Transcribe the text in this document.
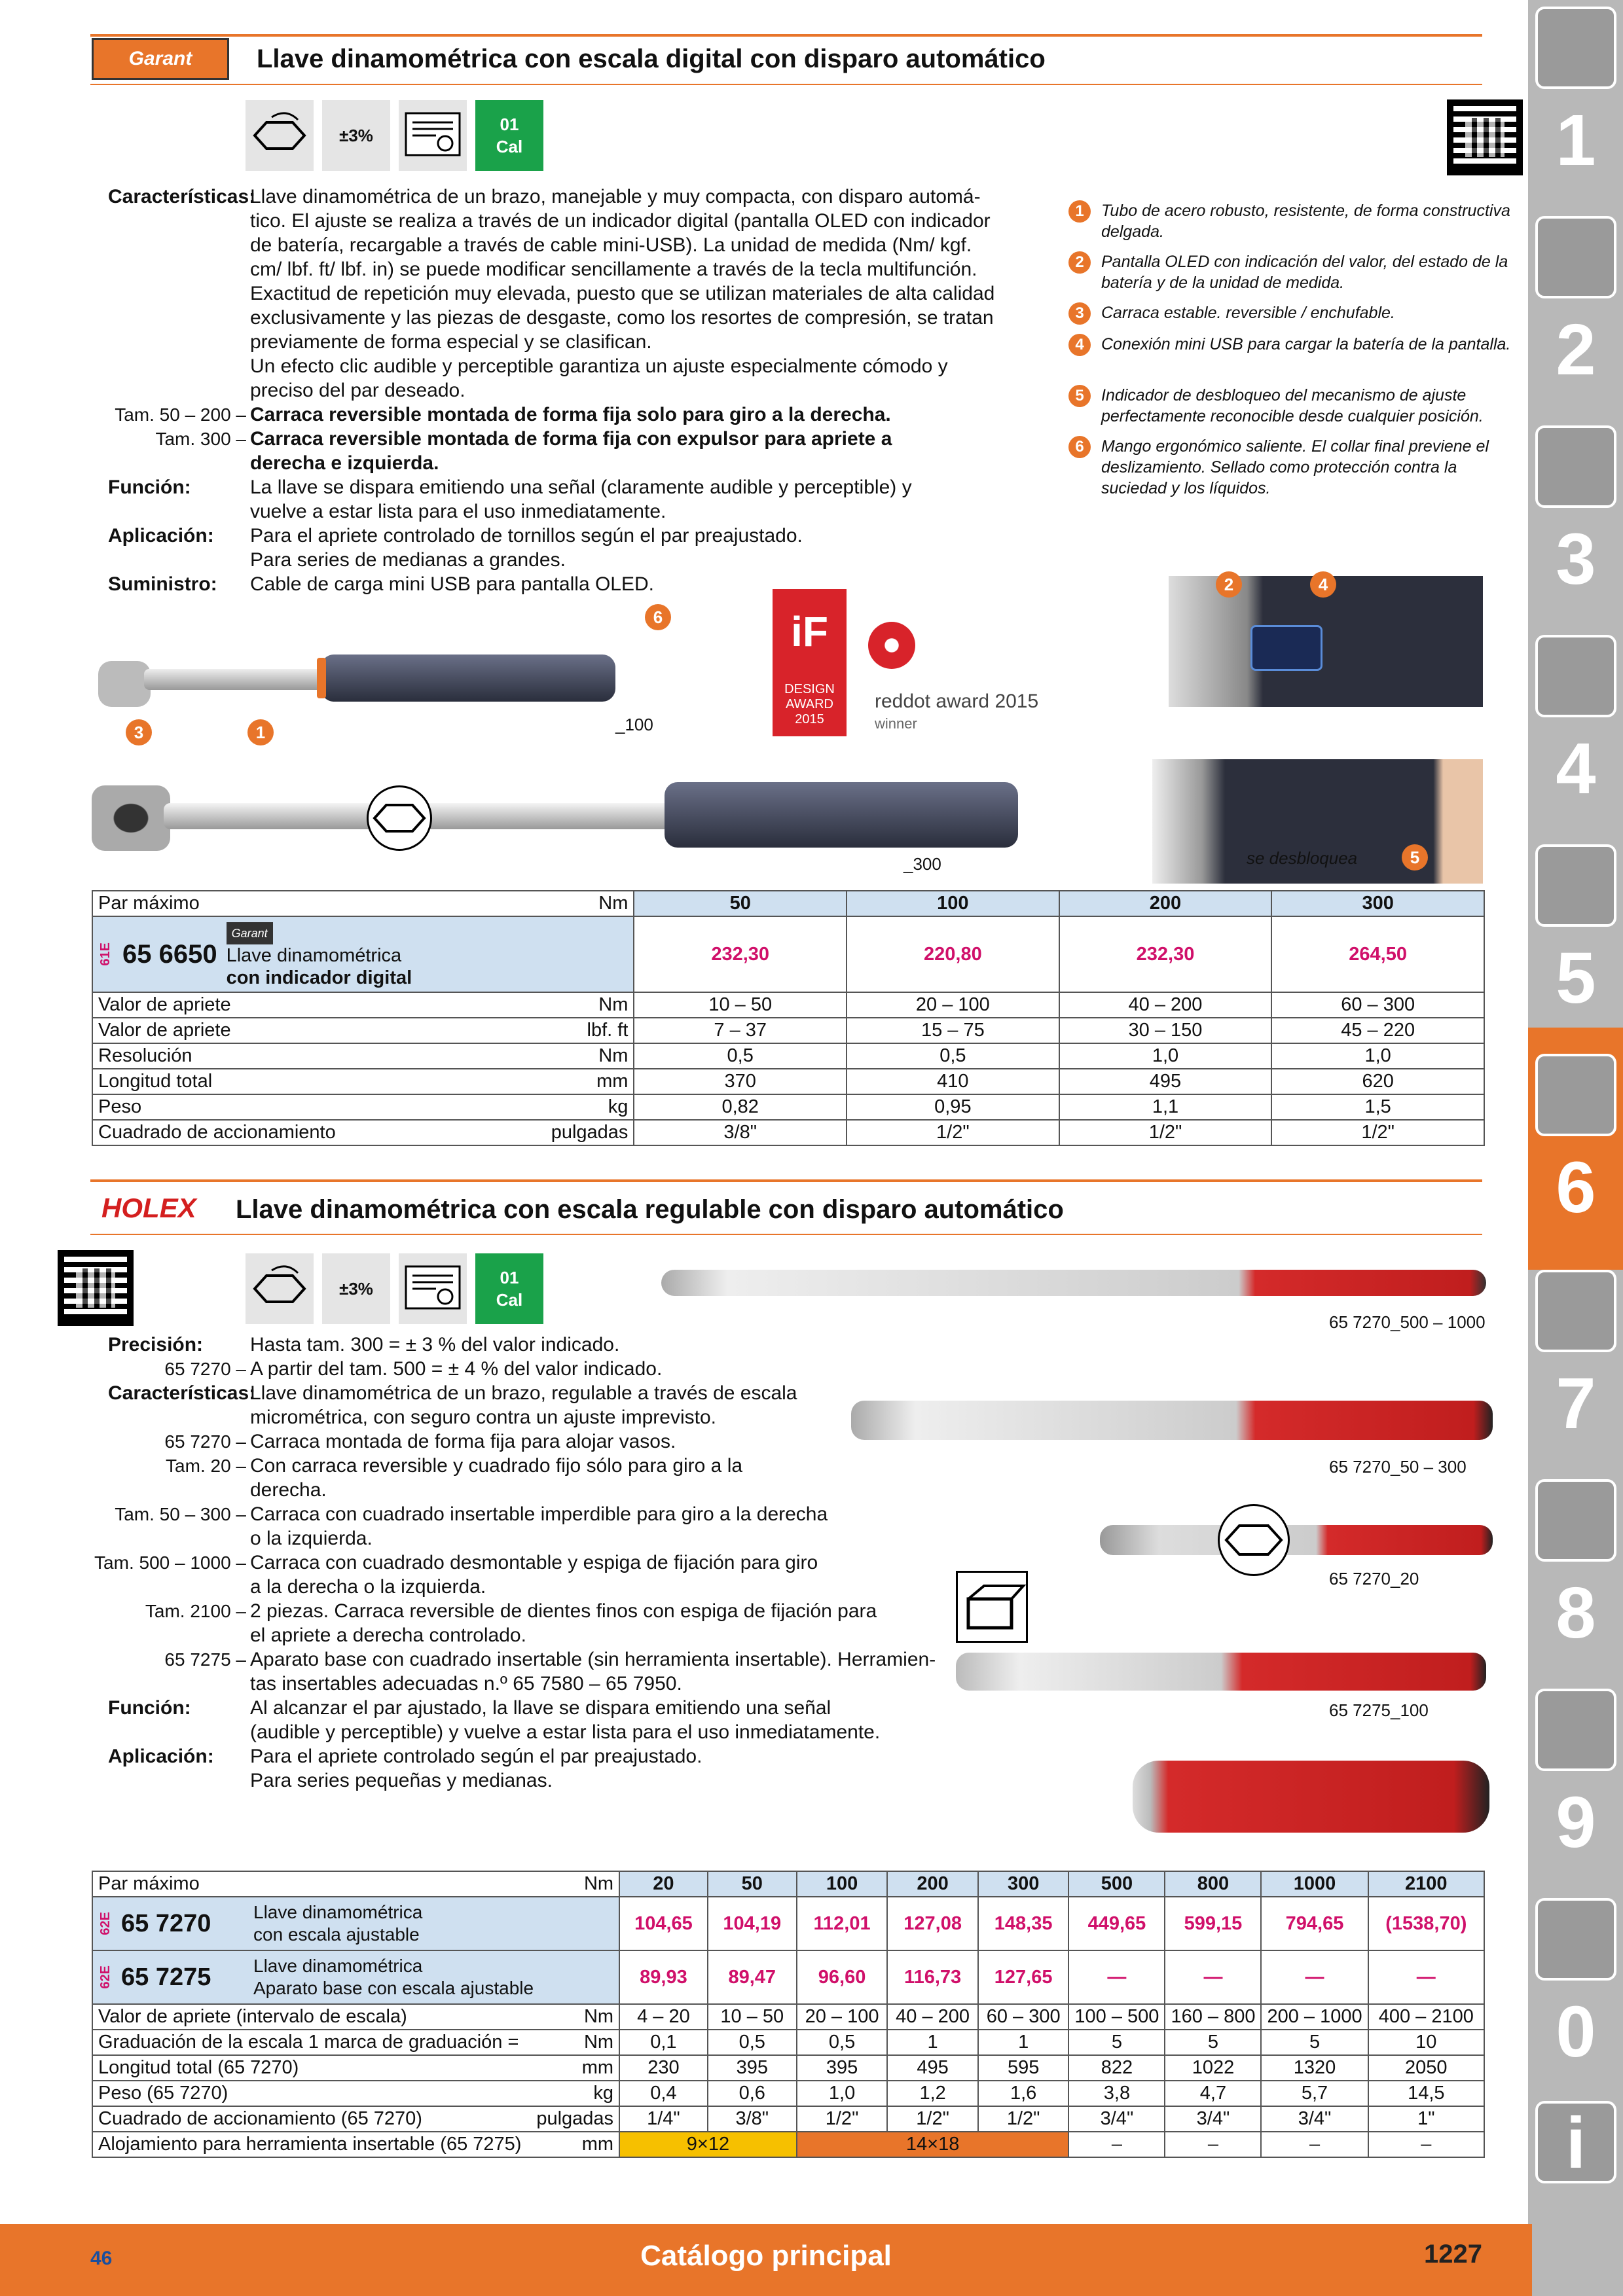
Garant Llave dinamométrica con escala digital con disparo automático
±3%
01
Cal
Características:
Llave dinamométrica de un brazo, manejable y muy compacta, con disparo automá-
tico. El ajuste se realiza a través de un indicador digital (pantalla OLED con indicador
de batería, recargable a través de cable mini-USB). La unidad de medida (Nm/ kgf.
cm/ lbf. ft/ lbf. in) se puede modificar sencillamente a través de la tecla multifunción.
Exactitud de repetición muy elevada, puesto que se utilizan materiales de alta calidad
exclusivamente y las piezas de desgaste, como los resortes de compresión, se tratan
previamente de forma especial y se clasifican.
Un efecto clic audible y perceptible garantiza un ajuste especialmente cómodo y
preciso del par deseado.
Tam. 50 – 200 – Carraca reversible montada de forma fija solo para giro a la derecha.
Tam. 300 – Carraca reversible montada de forma fija con expulsor para apriete a
derecha e izquierda.
Función:	La llave se dispara emitiendo una señal (claramente audible y perceptible) y
vuelve a estar lista para el uso inmediatamente.
Aplicación: Para el apriete controlado de tornillos según el par preajustado.
Para series de medianas a grandes.
Suministro: Cable de carga mini USB para pantalla OLED.
1	Tubo de acero robusto, resistente, de forma constructiva delgada.
2	Pantalla OLED con indicación del valor, del estado de la batería y de la unidad de medida.
3	Carraca estable. reversible / enchufable.
4	Conexión mini USB para cargar la batería de la pantalla.
5	Indicador de desbloqueo del mecanismo de ajuste perfectamente reconocible desde cualquier posición.
6	Mango ergonómico saliente. El collar final previene el deslizamiento. Sellado como protección contra la suciedad y los líquidos.
6
3	1	_100
iF
DESIGN AWARD 2015
reddot award 2015
winner
2	4
se desbloquea	5
_300
Par máximo Nm	50	100	200	300

61E 65 6650
Garant
Llave dinamométrica
con indicador digital	232,30	220,80	232,30	264,50
Valor de apriete Nm	10 – 50	20 – 100	40 – 200	60 – 300
Valor de apriete lbf. ft	7 – 37	15 – 75	30 – 150	45 – 220
Resolución Nm	0,5	0,5	1,0	1,0
Longitud total mm	370	410	495	620
Peso kg	0,82	0,95	1,1	1,5
Cuadrado de accionamiento pulgadas	3/8"	1/2"	1/2"	1/2"
HOLEX Llave dinamométrica con escala regulable con disparo automático
±3%
01
Cal
Precisión: Hasta tam. 300 = ± 3 % del valor indicado.
65 7270 – A partir del tam. 500 = ± 4 % del valor indicado.
Características:
Llave dinamométrica de un brazo, regulable a través de escala
micrométrica, con seguro contra un ajuste imprevisto.
65 7270 – Carraca montada de forma fija para alojar vasos.
Tam. 20 – Con carraca reversible y cuadrado fijo sólo para giro a la
derecha.
Tam. 50 – 300 – Carraca con cuadrado insertable imperdible para giro a la derecha
o la izquierda.
Tam. 500 – 1000 – Carraca con cuadrado desmontable y espiga de fijación para giro
a la derecha o la izquierda.
Tam. 2100 – 2 piezas. Carraca reversible de dientes finos con espiga de fijación para
el apriete a derecha controlado.
65 7275 – Aparato base con cuadrado insertable (sin herramienta insertable). Herramien-
tas insertables adecuadas n.º 65 7580 – 65 7950.
Función:	Al alcanzar el par ajustado, la llave se dispara emitiendo una señal
(audible y perceptible) y vuelve a estar lista para el uso inmediatamente.
Aplicación: Para el apriete controlado según el par preajustado.
Para series pequeñas y medianas.
65 7270_500 – 1000
65 7270_50 – 300
65 7270_20
65 7275_100
Par máximo Nm	20	50	100	200	300	500	800	1000	2100

62E 65 7270 Llave dinamométrica
con escala ajustable	104,65	104,19	112,01	127,08	148,35	449,65	599,15	794,65	(1538,70)

62E 65 7275 Llave dinamométrica
Aparato base con escala ajustable	89,93	89,47	96,60	116,73	127,65	—	—	—	—
Valor de apriete (intervalo de escala) Nm	4 – 20	10 – 50	20 – 100	40 – 200	60 – 300	100 – 500	160 – 800	200 – 1000	400 – 2100
Graduación de la escala 1 marca de graduación = Nm	0,1	0,5	0,5	1	1	5	5	5	10
Longitud total (65 7270) mm	230	395	395	495	595	822	1022	1320	2050
Peso (65 7270) kg	0,4	0,6	1,0	1,2	1,6	3,8	4,7	5,7	14,5
Cuadrado de accionamiento (65 7270) pulgadas	1/4"	3/8"	1/2"	1/2"	1/2"	3/4"	3/4"	3/4"	1"
Alojamiento para herramienta insertable (65 7275) mm	9×12		14×18			–	–	–	–
1
2
3
4
5
6
7
8
9
0
i
46	Catálogo principal	1227
